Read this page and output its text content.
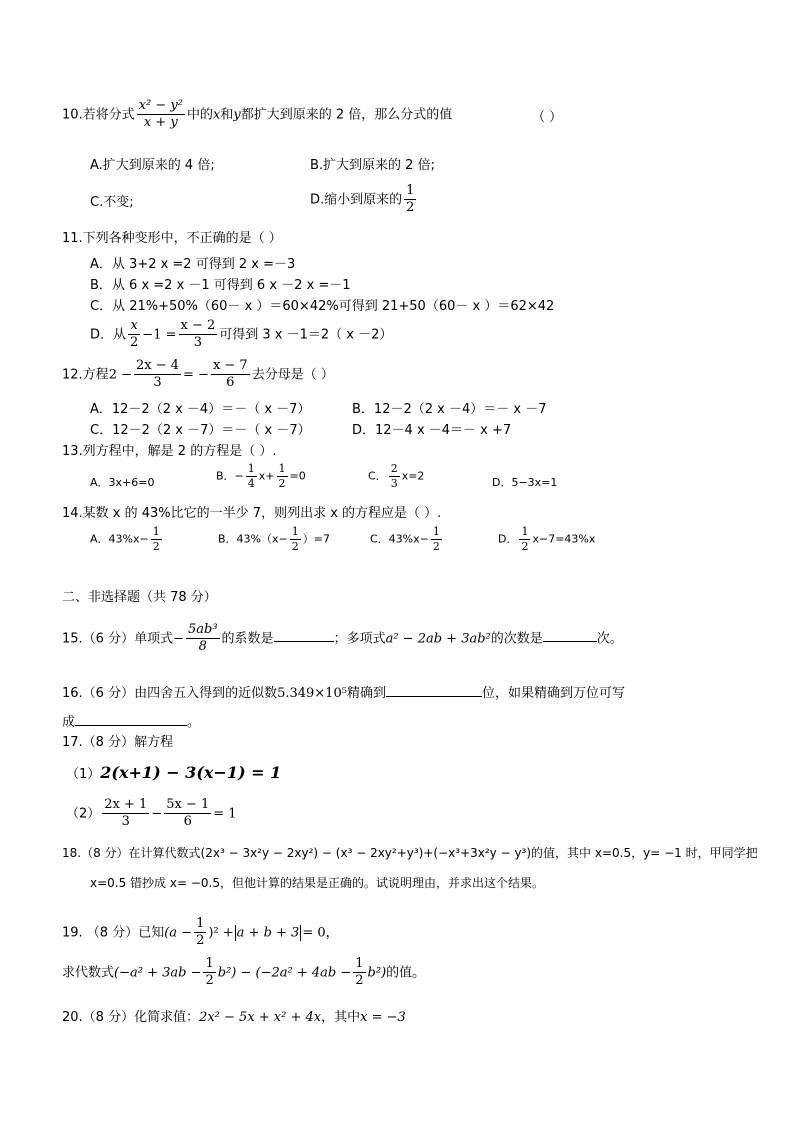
10.若将分式 $\frac{\text{x² − y²}}{x + y}$ 中的x和y都扩大到原来的 2 倍，那么分式的值	（ ）
A.扩大到原来的 4 倍;	B.扩大到原来的 2 倍;
C.不变;	D.缩小到原来的 $\frac{1}{2}$
11.下列各种变形中，不正确的是（ ）
A．从 3+2 x =2 可得到 2 x =－3
B．从 6 x =2 x －1 可得到 6 x －2 x =－1
C．从 21%+50%（60－ x ）＝60×42%可得到 21+50（60－ x ）＝62×42
D．从 $\frac{x}{2} -1 = \frac{x - 2}{3}$ 可得到 3 x －1＝2（ x －2）
12.方程$2 - \frac{2x - 4}{3}$ = − $\frac{x - 7}{6}$ 去分母是（ ）
A．12－2（2 x －4）＝－（ x －7）	B．12－2（2 x －4）＝－ x －7
C．12－2（2 x －7）＝－（ x －7）	D．12－4 x －4＝－ x +7
13.列方程中，解是 2 的方程是（ ）.
A．3x+6=0
B．− $\frac{1}{4} x+ \frac{1}{2} =0$	C． $\frac{2}{3} x=2$
D．5−3x=1
14.某数 x 的 43%比它的一半少 7，则列出求 x 的方程应是（ ）.
A．$43\%x- \frac{1}{2}$	B．$43\%(x- \frac{1}{2} )=7$	C．$43\%x- \frac{1}{2}$	D． $\frac{1}{2} x-7=43\%x$
二、非选择题（共 78 分）
15.（6 分）单项式− $\frac{\text{5ab³}}{8}$ 的系数是	；多项式a² − 2ab + 3ab²的次数是	次。
16.（6 分）由四舍五入得到的近似数5.349×10⁵精确到	位，如果精确到万位可写
成	。
17.（8 分）解方程
（1）2(x+1) − 3(x−1) = 1
$(2) \frac{2x + 1}{3} - \frac{5x - 1}{6} = 1$
18.（8 分）在计算代数式(2x³ − 3x²y − 2xy²) − (x³ − 2xy²+y³)+(−x³+3x²y − y³)的值，其中 x=0.5，y= −1 时，甲同学把
x=0.5 错抄成 x= −0.5，但他计算的结果是正确的。试说明理由，并求出这个结果。
19. （8 分）已知$(a - \frac{1}{2} )^2 + a + b + 3 = 0$，
求代数式$(-a^2 + 3ab - \frac{1}{2} b^2) - (-2a^2 + 4ab - \frac{1}{2} b^2)$的值。
20.（8 分）化简求值：2x² − 5x + x² + 4x，其中x = −3
